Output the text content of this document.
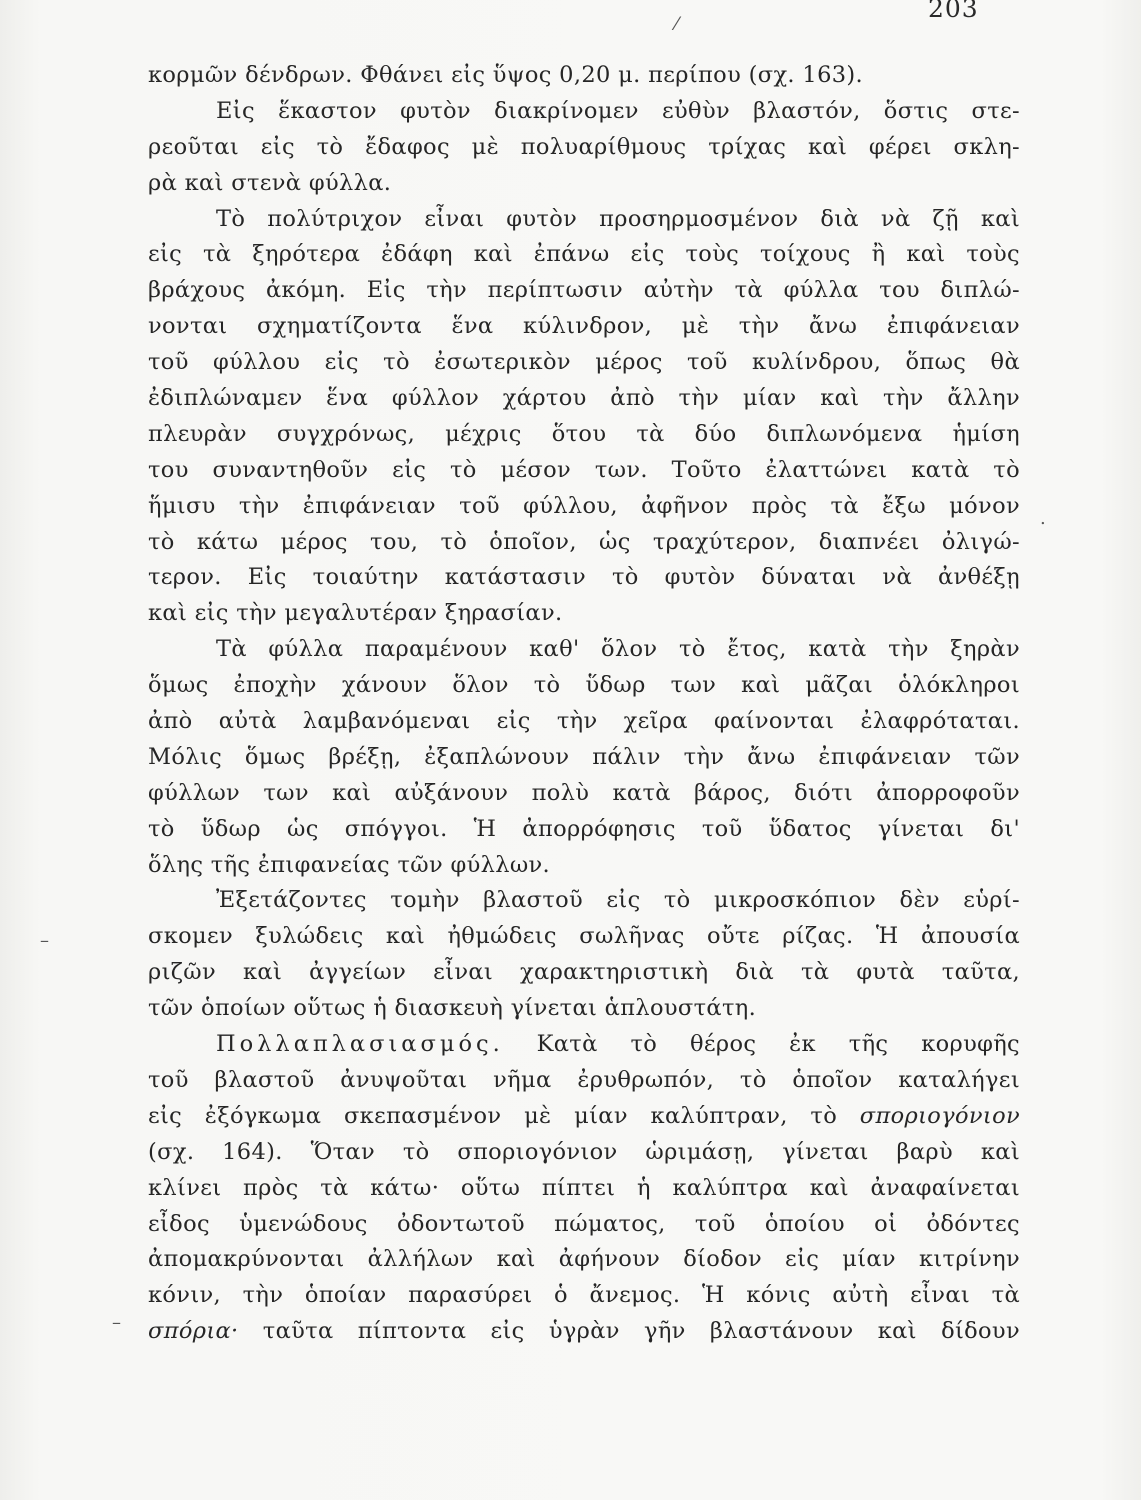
203
κορμῶν δένδρων. Φθάνει εἰς ὕψος 0,20 μ. περίπου (σχ. 163).
Εἰς ἕκαστον φυτὸν διακρίνομεν εὐθὺν βλαστόν, ὅστις στε-
ρεοῦται εἰς τὸ ἔδαφος μὲ πολυαρίθμους τρίχας καὶ φέρει σκλη-
ρὰ καὶ στενὰ φύλλα.
Τὸ πολύτριχον εἶναι φυτὸν προσηρμοσμένον διὰ νὰ ζῇ καὶ
εἰς τὰ ξηρότερα ἐδάφη καὶ ἐπάνω εἰς τοὺς τοίχους ἢ καὶ τοὺς
βράχους ἀκόμη. Εἰς τὴν περίπτωσιν αὐτὴν τὰ φύλλα του διπλώ-
νονται σχηματίζοντα ἕνα κύλινδρον, μὲ τὴν ἄνω ἐπιφάνειαν
τοῦ φύλλου εἰς τὸ ἐσωτερικὸν μέρος τοῦ κυλίνδρου, ὅπως θὰ
ἐδιπλώναμεν ἕνα φύλλον χάρτου ἀπὸ τὴν μίαν καὶ τὴν ἄλλην
πλευρὰν συγχρόνως, μέχρις ὅτου τὰ δύο διπλωνόμενα ἡμίση
του συναντηθοῦν εἰς τὸ μέσον των. Τοῦτο ἐλαττώνει κατὰ τὸ
ἥμισυ τὴν ἐπιφάνειαν τοῦ φύλλου, ἀφῆνον πρὸς τὰ ἔξω μόνον
τὸ κάτω μέρος του, τὸ ὁποῖον, ὡς τραχύτερον, διαπνέει ὀλιγώ-
τερον. Εἰς τοιαύτην κατάστασιν τὸ φυτὸν δύναται νὰ ἀνθέξῃ
καὶ εἰς τὴν μεγαλυτέραν ξηρασίαν.
Τὰ φύλλα παραμένουν καθ' ὅλον τὸ ἔτος, κατὰ τὴν ξηρὰν
ὅμως ἐποχὴν χάνουν ὅλον τὸ ὕδωρ των καὶ μᾶζαι ὁλόκληροι
ἀπὸ αὐτὰ λαμβανόμεναι εἰς τὴν χεῖρα φαίνονται ἐλαφρόταται.
Μόλις ὅμως βρέξῃ, ἐξαπλώνουν πάλιν τὴν ἄνω ἐπιφάνειαν τῶν
φύλλων των καὶ αὐξάνουν πολὺ κατὰ βάρος, διότι ἀπορροφοῦν
τὸ ὕδωρ ὡς σπόγγοι. Ἡ ἀπορρόφησις τοῦ ὕδατος γίνεται δι'
ὅλης τῆς ἐπιφανείας τῶν φύλλων.
Ἐξετάζοντες τομὴν βλαστοῦ εἰς τὸ μικροσκόπιον δὲν εὑρί-
σκομεν ξυλώδεις καὶ ἠθμώδεις σωλῆνας οὔτε ρίζας. Ἡ ἀπουσία
ριζῶν καὶ ἀγγείων εἶναι χαρακτηριστικὴ διὰ τὰ φυτὰ ταῦτα,
τῶν ὁποίων οὕτως ἡ διασκευὴ γίνεται ἁπλουστάτη.
Πολλαπλασιασμός. Κατὰ τὸ θέρος ἐκ τῆς κορυφῆς
τοῦ βλαστοῦ ἀνυψοῦται νῆμα ἐρυθρωπόν, τὸ ὁποῖον καταλήγει
εἰς ἐξόγκωμα σκεπασμένον μὲ μίαν καλύπτραν, τὸ σποριογόνιον
(σχ. 164). Ὅταν τὸ σποριογόνιον ὡριμάσῃ, γίνεται βαρὺ καὶ
κλίνει πρὸς τὰ κάτω· οὕτω πίπτει ἡ καλύπτρα καὶ ἀναφαίνεται
εἶδος ὑμενώδους ὀδοντωτοῦ πώματος, τοῦ ὁποίου οἱ ὀδόντες
ἀπομακρύνονται ἀλλήλων καὶ ἀφήνουν δίοδον εἰς μίαν κιτρίνην
κόνιν, τὴν ὁποίαν παρασύρει ὁ ἄνεμος. Ἡ κόνις αὐτὴ εἶναι τὰ
σπόρια· ταῦτα πίπτοντα εἰς ὑγρὰν γῆν βλαστάνουν καὶ δίδουν
⁄
–
–
.
